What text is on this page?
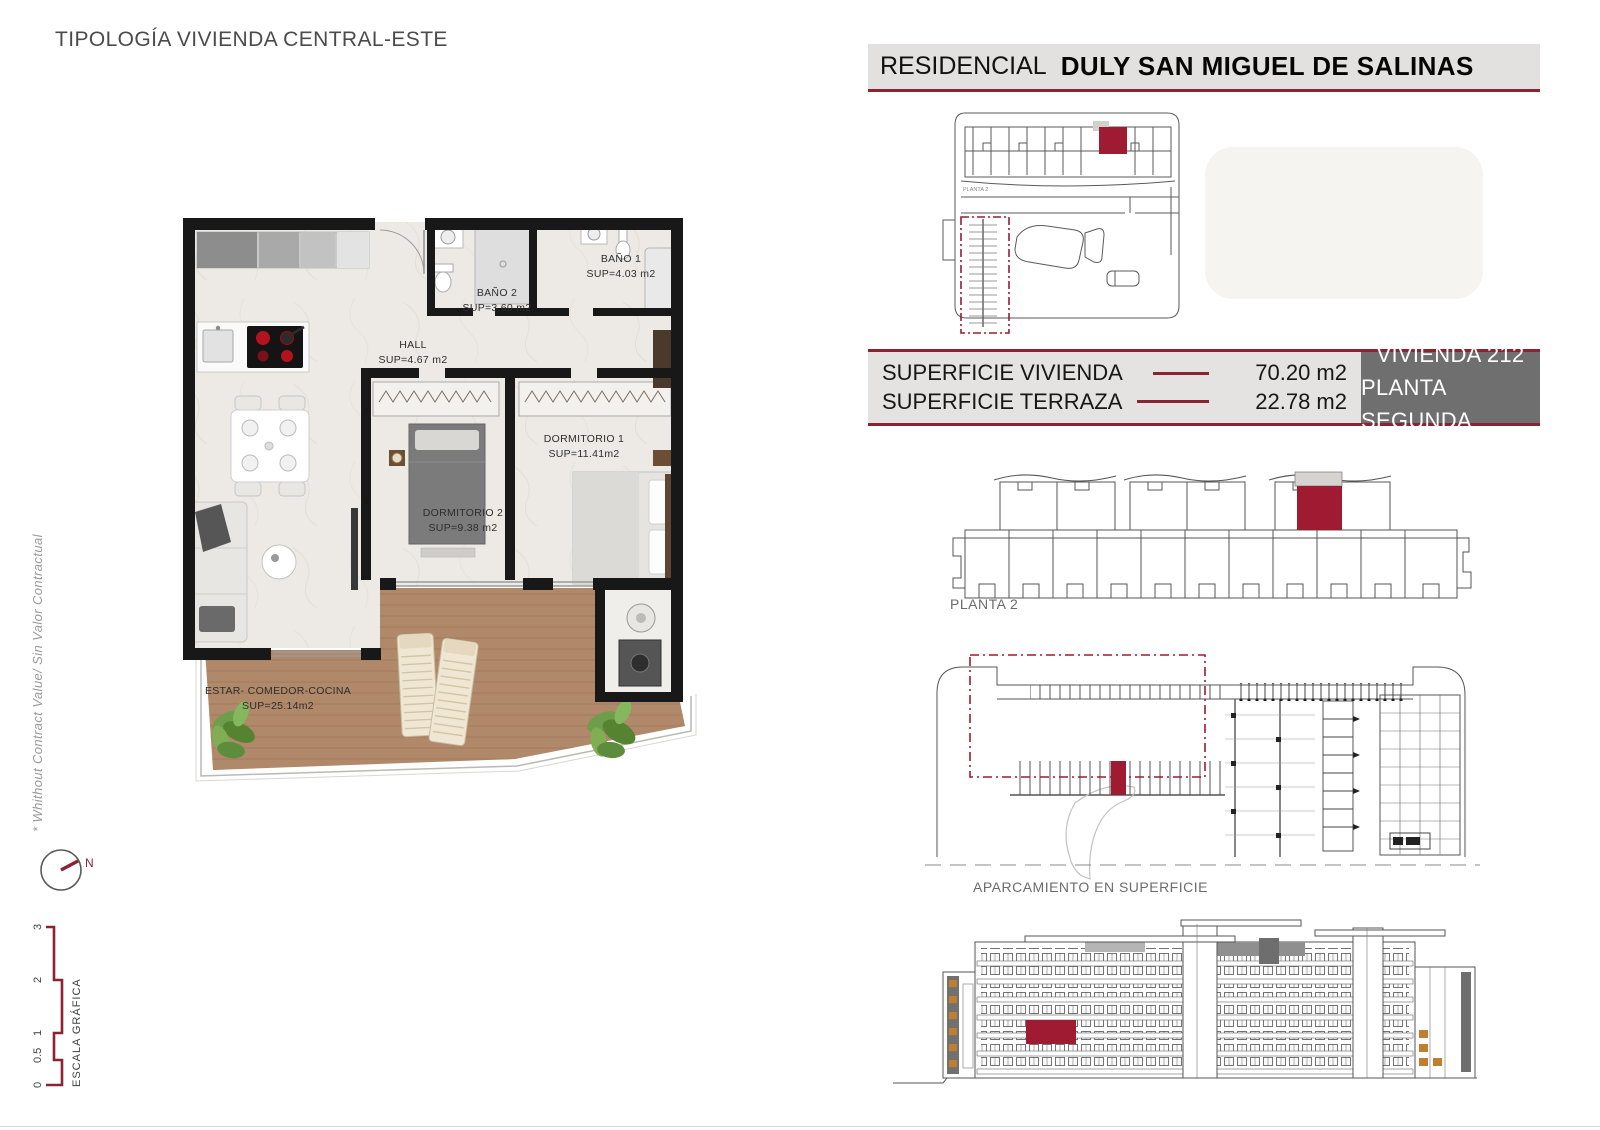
TIPOLOGÍA VIVIENDA CENTRAL-ESTE
* Whithout Contract Value/ Sin Valor Contractual	ESTAR- COMEDOR-COCINA
SUP=25.14m2
HALL
SUP=4.67 m2
BAÑO 2
SUP=3.60 m2
BAÑO 1
SUP=4.03 m2
DORMITORIO 1
SUP=11.41m2
DORMITORIO 2
SUP=9.38 m2
N
3
2
1
0.5
0 ESCALA GRÁFICA
RESIDENCIAL DULY SAN MIGUEL DE SALINAS
PLANTA 2
SUPERFICIE VIVIENDA	70.20 m2
SUPERFICIE TERRAZA	22.78 m2
VIVIENDA 212
PLANTA SEGUNDA
PLANTA 2
APARCAMIENTO EN SUPERFICIE
